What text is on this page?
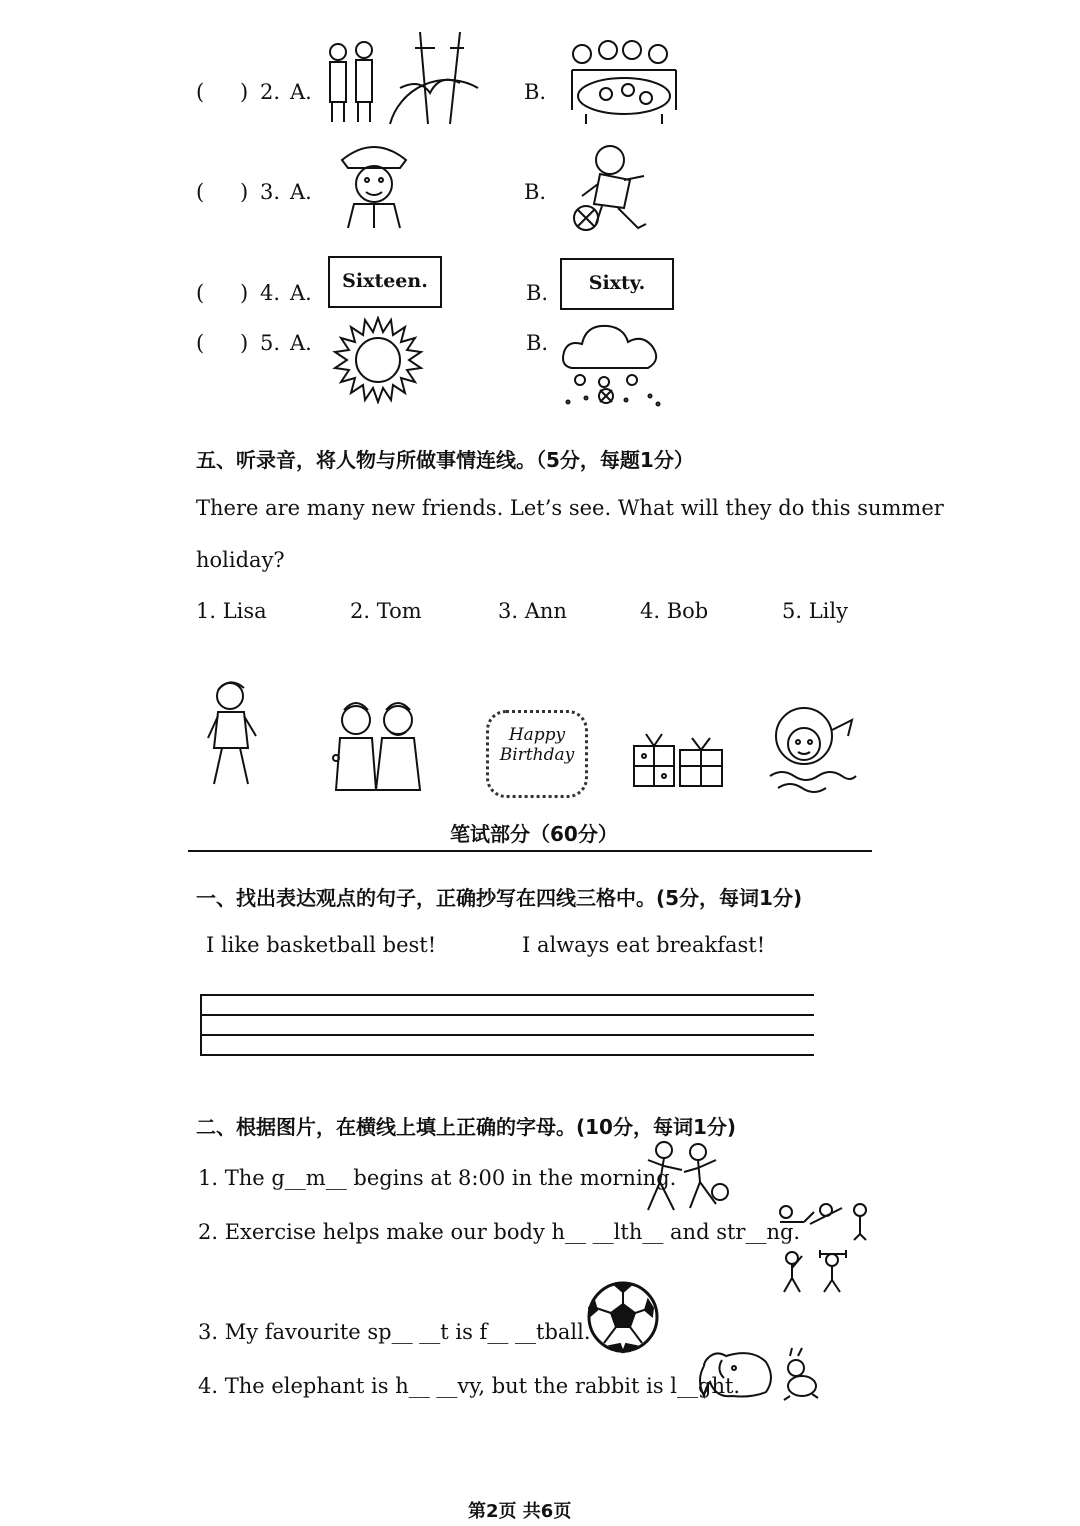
( ) 2. A.	B.
( ) 3. A.	B.
( ) 4. A.	Sixteen.	B.	Sixty.
( ) 5. A.	B.
五、听录音，将人物与所做事情连线。（5分，每题1分）
There are many new friends. Let’s see. What will they do this summer
holiday?
1. Lisa	2. Tom	3. Ann	4. Bob	5. Lily
Happy
Birthday
笔试部分（60分）
一、找出表达观点的句子，正确抄写在四线三格中。(5分，每词1分)
I like basketball best!	I always eat breakfast!
二、根据图片，在横线上填上正确的字母。(10分，每词1分)
1. The g__m__ begins at 8:00 in the morning.
2. Exercise helps make our body h__ __lth__ and str__ng.
3. My favourite sp__ __t is f__ __tball.
4. The elephant is h__ __vy, but the rabbit is l__ght.
第2页 共6页
